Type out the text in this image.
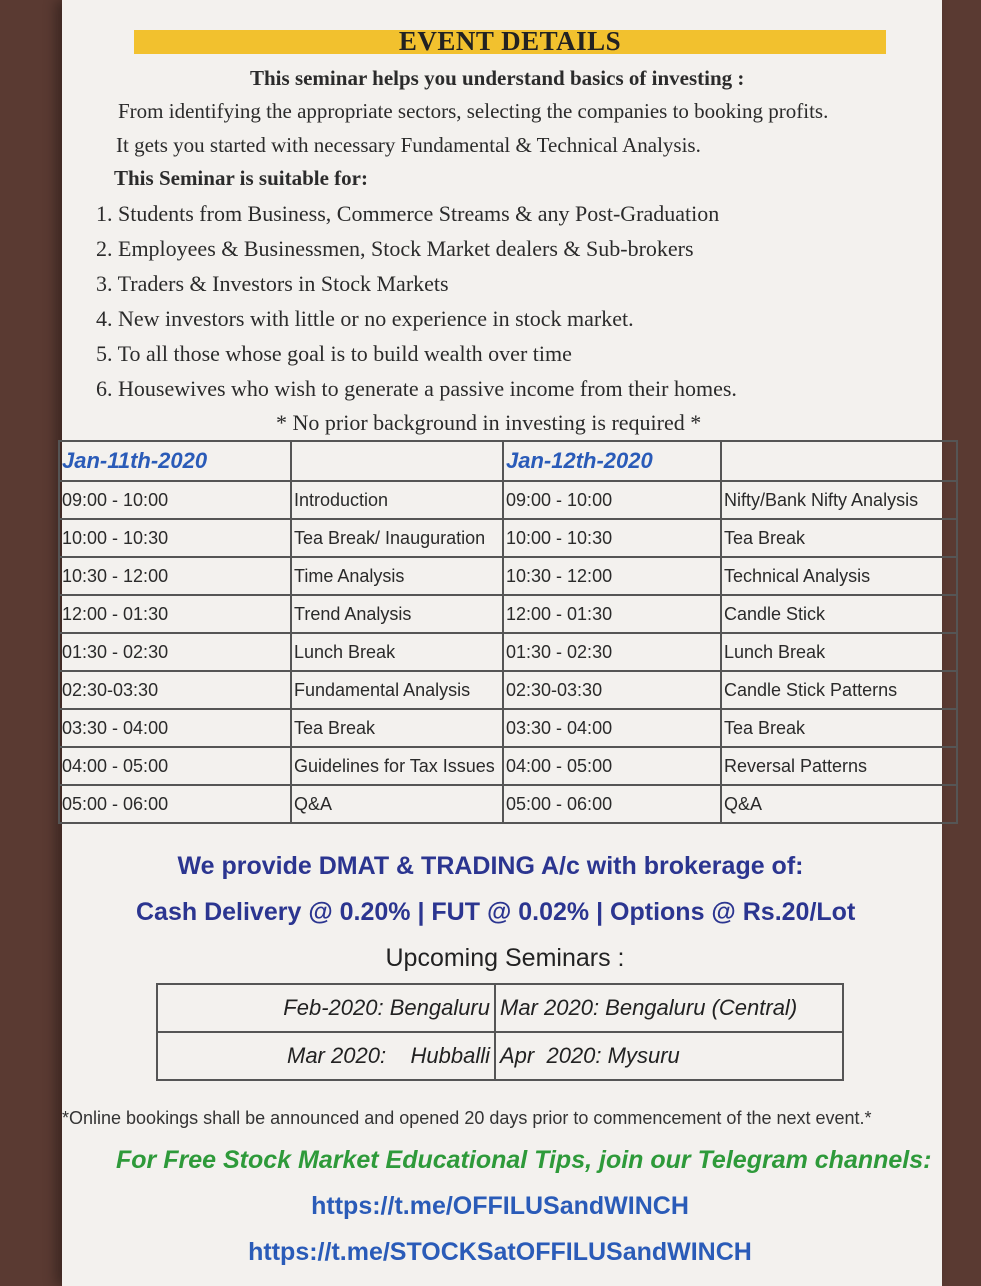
EVENT DETAILS
This seminar helps you understand basics of investing :
From identifying the appropriate sectors, selecting the companies to booking profits.
It gets you started with necessary Fundamental & Technical Analysis.
This Seminar is suitable for:
1. Students from Business, Commerce Streams & any Post-Graduation
2. Employees & Businessmen, Stock Market dealers & Sub-brokers
3. Traders & Investors in Stock Markets
4. New investors with little or no experience in stock market.
5. To all those whose goal is to build wealth over time
6. Housewives who wish to generate a passive income from their homes.
* No prior background in investing is required *
Jan-11th-2020		Jan-12th-2020	
09:00 - 10:00	Introduction	09:00 - 10:00	Nifty/Bank Nifty Analysis
10:00 - 10:30	Tea Break/ Inauguration	10:00 - 10:30	Tea Break
10:30 - 12:00	Time Analysis	10:30 - 12:00	Technical Analysis
12:00 - 01:30	Trend Analysis	12:00 - 01:30	Candle Stick
01:30 - 02:30	Lunch Break	01:30 - 02:30	Lunch Break
02:30-03:30	Fundamental Analysis	02:30-03:30	Candle Stick Patterns
03:30 - 04:00	Tea Break	03:30 - 04:00	Tea Break
04:00 - 05:00	Guidelines for Tax Issues	04:00 - 05:00	Reversal Patterns
05:00 - 06:00	Q&A	05:00 - 06:00	Q&A
We provide DMAT & TRADING A/c with brokerage of:
Cash Delivery @ 0.20% | FUT @ 0.02% | Options @ Rs.20/Lot
Upcoming Seminars :
Feb-2020: Bengaluru	Mar 2020: Bengaluru (Central)
Mar 2020:    Hubballi	Apr  2020: Mysuru
*Online bookings shall be announced and opened 20 days prior to commencement of the next event.*
For Free Stock Market Educational Tips, join our Telegram channels:
https://t.me/OFFILUSandWINCH
https://t.me/STOCKSatOFFILUSandWINCH
